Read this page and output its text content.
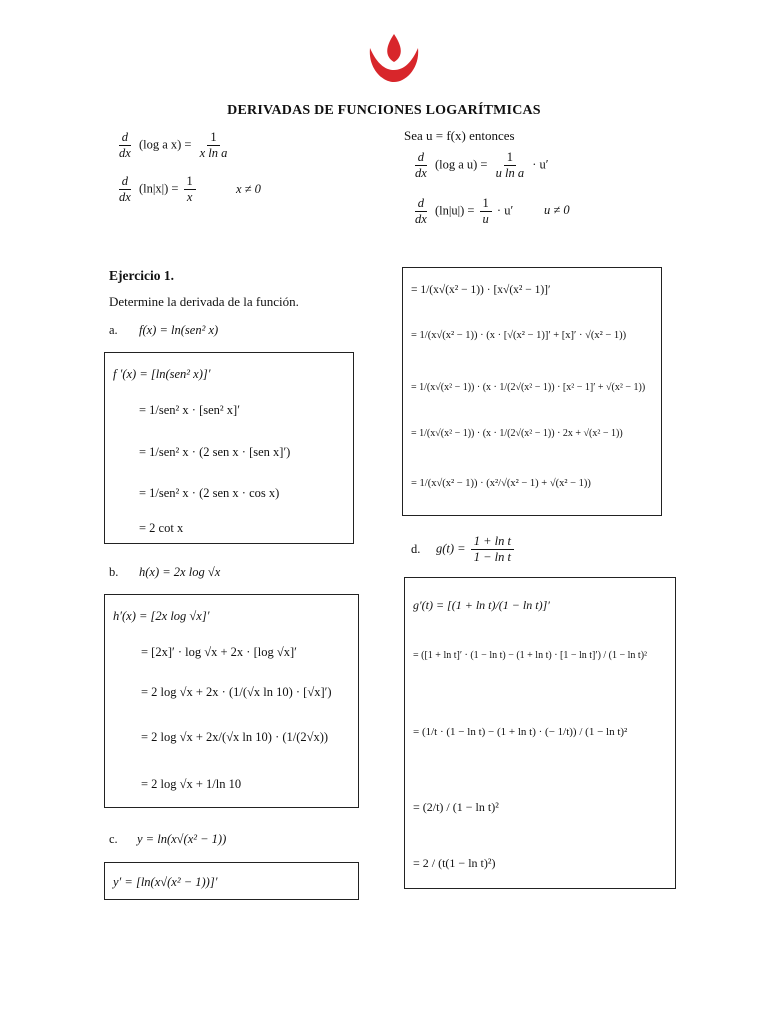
DERIVADAS DE FUNCIONES LOGARÍTMICAS
$\frac{d}{dx} (\log$ a $x) = \frac{1}{\text{x ln a}}$
$\frac{d}{dx} (\ln|x|) = \frac{1}{x}$	x ≠ 0
Sea u = f(x) entonces
$\frac{d}{dx} (\log$ a $u) = \frac{1}{\text{u ln a}} \cdot u'$
$\frac{d}{dx} (\ln|u|) = \frac{1}{u} \cdot u'$ u ≠ 0
Ejercicio 1.
Determine la derivada de la función.
a. f(x) = ln(sen² x)
f ′(x) = [ln(sen² x)]′
= 1/sen² x · [sen² x]′
= 1/sen² x · (2 sen x · [sen x]′)
= 1/sen² x · (2 sen x · cos x)
= 2 cot x
b. h(x) = 2x log √x
h′(x) = [2x log √x]′
= [2x]′ · log √x + 2x · [log √x]′
= 2 log √x + 2x · (1/(√x ln 10) · [√x]′)
= 2 log √x + 2x/(√x ln 10) · (1/(2√x))
= 2 log √x + 1/ln 10
c. y = ln(x√(x² − 1))
y′ = [ln(x√(x² − 1))]′
= 1/(x√(x² − 1)) · [x√(x² − 1)]′
= 1/(x√(x² − 1)) · (x · [√(x² − 1)]′ + [x]′ · √(x² − 1))
= 1/(x√(x² − 1)) · (x · 1/(2√(x² − 1)) · [x² − 1]′ + √(x² − 1))
= 1/(x√(x² − 1)) · (x · 1/(2√(x² − 1)) · 2x + √(x² − 1))
= 1/(x√(x² − 1)) · (x²/√(x² − 1) + √(x² − 1))
d. $g(t) = \frac{\text{1 + ln t}}{\text{1 − ln t}}$
g′(t) = [(1 + ln t)/(1 − ln t)]′
= ([1 + ln t]′ · (1 − ln t) − (1 + ln t) · [1 − ln t]′) / (1 − ln t)²
= (1/t · (1 − ln t) − (1 + ln t) · (− 1/t)) / (1 − ln t)²
= (2/t) / (1 − ln t)²
= 2 / (t(1 − ln t)²)
